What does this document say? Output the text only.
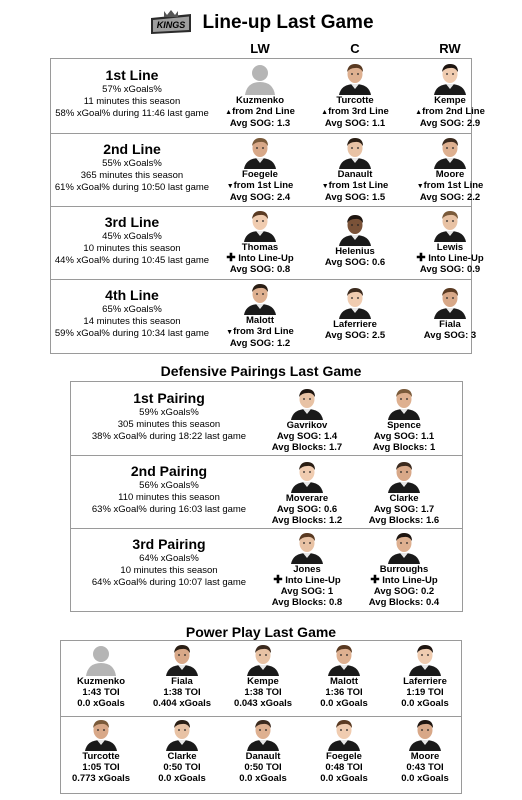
KINGS Line-up Last Game
LW	C	RW
1st Line
57% xGoals%
11 minutes this season
58% xGoal% during 11:46 last game
Kuzmenko
▲from 2nd Line
Avg SOG: 1.3
Turcotte
▲from 3rd Line
Avg SOG: 1.1
Kempe
▲from 2nd Line
Avg SOG: 2.9
2nd Line
55% xGoals%
365 minutes this season
61% xGoal% during 10:50 last game
Foegele
▼from 1st Line
Avg SOG: 2.4
Danault
▼from 1st Line
Avg SOG: 1.5
Moore
▼from 1st Line
Avg SOG: 2.2
3rd Line
45% xGoals%
10 minutes this season
44% xGoal% during 10:45 last game
Thomas
✚ Into Line-Up
Avg SOG: 0.8
Helenius
Avg SOG: 0.6
Lewis
✚ Into Line-Up
Avg SOG: 0.9
4th Line
65% xGoals%
14 minutes this season
59% xGoal% during 10:34 last game
Malott
▼from 3rd Line
Avg SOG: 1.2
Laferriere
Avg SOG: 2.5
Fiala
Avg SOG: 3
Defensive Pairings Last Game
1st Pairing
59% xGoals%
305 minutes this season
38% xGoal% during 18:22 last game
Gavrikov
Avg SOG: 1.4
Avg Blocks: 1.7
Spence
Avg SOG: 1.1
Avg Blocks: 1
2nd Pairing
56% xGoals%
110 minutes this season
63% xGoal% during 16:03 last game
Moverare
Avg SOG: 0.6
Avg Blocks: 1.2
Clarke
Avg SOG: 1.7
Avg Blocks: 1.6
3rd Pairing
64% xGoals%
10 minutes this season
64% xGoal% during 10:07 last game
Jones
✚ Into Line-Up
Avg SOG: 1
Avg Blocks: 0.8
Burroughs
✚ Into Line-Up
Avg SOG: 0.2
Avg Blocks: 0.4
Power Play Last Game
Kuzmenko
1:43 TOI
0.0 xGoals
Fiala
1:38 TOI
0.404 xGoals
Kempe
1:38 TOI
0.043 xGoals
Malott
1:36 TOI
0.0 xGoals
Laferriere
1:19 TOI
0.0 xGoals
Turcotte
1:05 TOI
0.773 xGoals
Clarke
0:50 TOI
0.0 xGoals
Danault
0:50 TOI
0.0 xGoals
Foegele
0:48 TOI
0.0 xGoals
Moore
0:43 TOI
0.0 xGoals
